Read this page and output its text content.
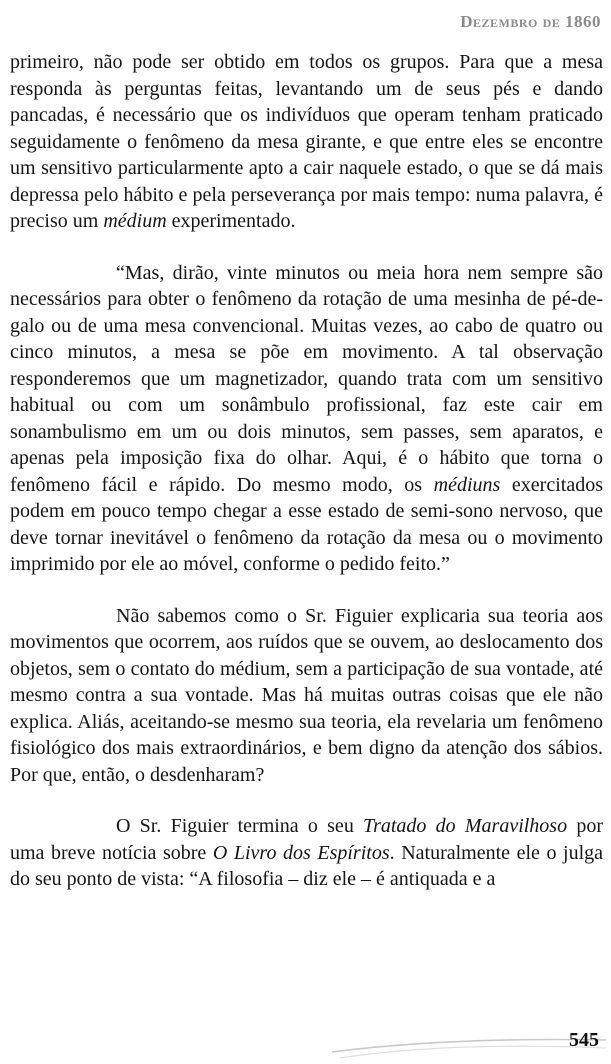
Dezembro de 1860

primeiro, não pode ser obtido em todos os grupos. Para que a mesa responda às perguntas feitas, levantando um de seus pés e dando pancadas, é necessário que os indivíduos que operam tenham praticado seguidamente o fenômeno da mesa girante, e que entre eles se encontre um sensitivo particularmente apto a cair naquele estado, o que se dá mais depressa pelo hábito e pela perseverança por mais tempo: numa palavra, é preciso um médium experimentado.

“Mas, dirão, vinte minutos ou meia hora nem sempre são necessários para obter o fenômeno da rotação de uma mesinha de pé-de-galo ou de uma mesa convencional. Muitas vezes, ao cabo de quatro ou cinco minutos, a mesa se põe em movimento. A tal observação responderemos que um magnetizador, quando trata com um sensitivo habitual ou com um sonâmbulo profissional, faz este cair em sonambulismo em um ou dois minutos, sem passes, sem aparatos, e apenas pela imposição fixa do olhar. Aqui, é o hábito que torna o fenômeno fácil e rápido. Do mesmo modo, os médiuns exercitados podem em pouco tempo chegar a esse estado de semi-sono nervoso, que deve tornar inevitável o fenômeno da rotação da mesa ou o movimento imprimido por ele ao móvel, conforme o pedido feito.”

Não sabemos como o Sr. Figuier explicaria sua teoria aos movimentos que ocorrem, aos ruídos que se ouvem, ao deslocamento dos objetos, sem o contato do médium, sem a participação de sua vontade, até mesmo contra a sua vontade. Mas há muitas outras coisas que ele não explica. Aliás, aceitando-se mesmo sua teoria, ela revelaria um fenômeno fisiológico dos mais extraordinários, e bem digno da atenção dos sábios. Por que, então, o desdenharam?

O Sr. Figuier termina o seu Tratado do Maravilhoso por uma breve notícia sobre O Livro dos Espíritos. Naturalmente ele o julga do seu ponto de vista: “A filosofia – diz ele – é antiquada e a

545
